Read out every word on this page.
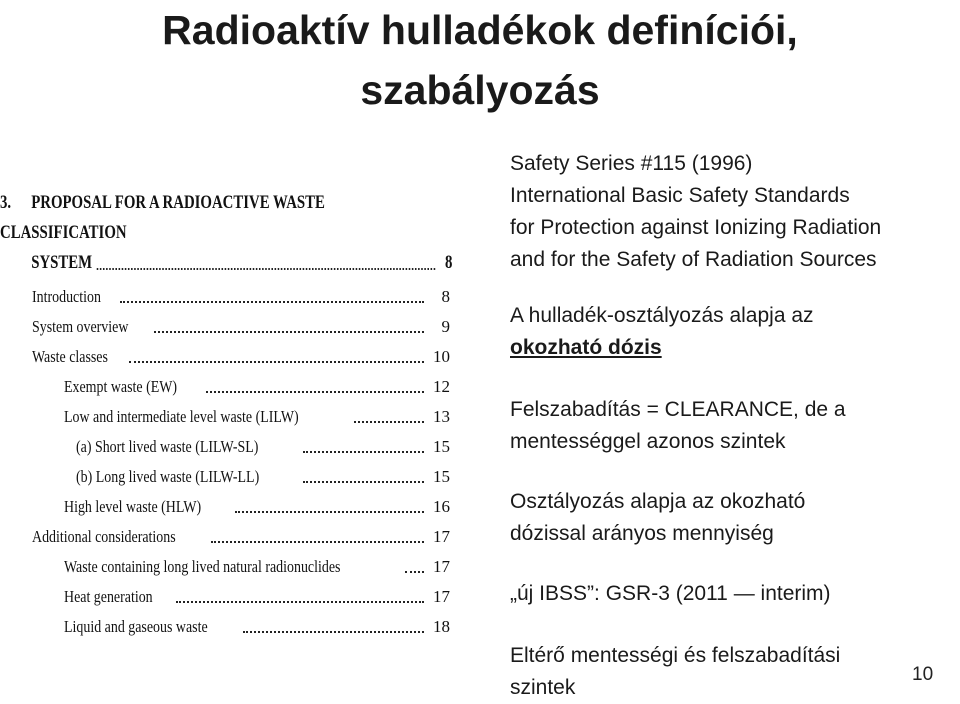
Radioaktív hulladékok definíciói,
szabályozás
3. PROPOSAL FOR A RADIOACTIVE WASTE CLASSIFICATION
SYSTEM	8
Introduction	8
System overview	9
Waste classes	10
Exempt waste (EW)	12
Low and intermediate level waste (LILW)	13
(a) Short lived waste (LILW-SL)	15
(b) Long lived waste (LILW-LL)	15
High level waste (HLW)	16
Additional considerations	17
Waste containing long lived natural radionuclides	17
Heat generation	17
Liquid and gaseous waste	18

Safety Series #115 (1996)

International Basic Safety Standards

for Protection against Ionizing Radiation

and for the Safety of Radiation Sources

A hulladék-osztályozás alapja az

okozható dózis

Felszabadítás = CLEARANCE, de a

mentességgel azonos szintek

Osztályozás alapja az okozható

dózissal arányos mennyiség

„új IBSS”: GSR-3 (2011 — interim)

Eltérő mentességi és felszabadítási

szintek

10
